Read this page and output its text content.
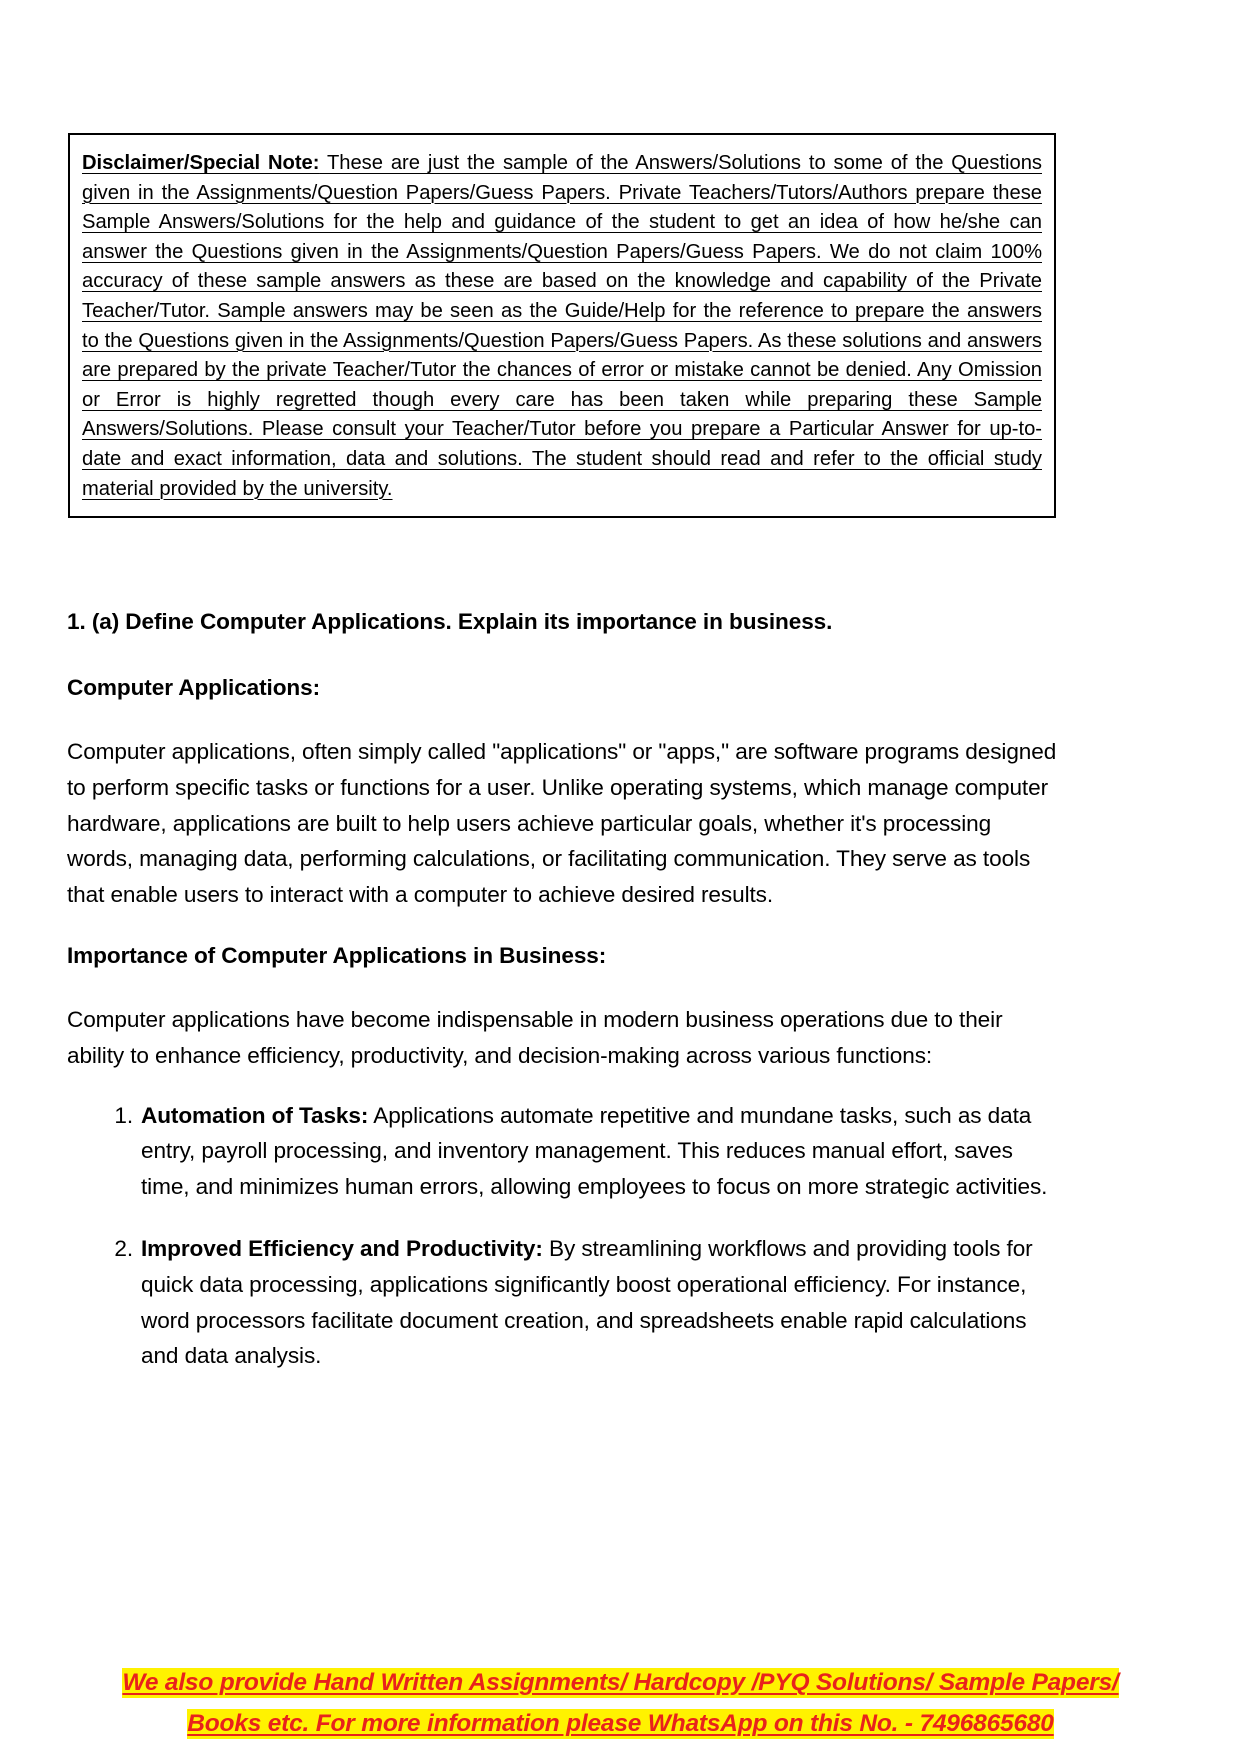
Disclaimer/Special Note: These are just the sample of the Answers/Solutions to some of the Questions given in the Assignments/Question Papers/Guess Papers. Private Teachers/Tutors/Authors prepare these Sample Answers/Solutions for the help and guidance of the student to get an idea of how he/she can answer the Questions given in the Assignments/Question Papers/Guess Papers. We do not claim 100% accuracy of these sample answers as these are based on the knowledge and capability of the Private Teacher/Tutor. Sample answers may be seen as the Guide/Help for the reference to prepare the answers to the Questions given in the Assignments/Question Papers/Guess Papers. As these solutions and answers are prepared by the private Teacher/Tutor the chances of error or mistake cannot be denied. Any Omission or Error is highly regretted though every care has been taken while preparing these Sample Answers/Solutions. Please consult your Teacher/Tutor before you prepare a Particular Answer for up-to-date and exact information, data and solutions. The student should read and refer to the official study material provided by the university.

1. (a) Define Computer Applications. Explain its importance in business.
Computer Applications:

Computer applications, often simply called "applications" or "apps," are software programs designed to perform specific tasks or functions for a user. Unlike operating systems, which manage computer hardware, applications are built to help users achieve particular goals, whether it's processing words, managing data, performing calculations, or facilitating communication. They serve as tools that enable users to interact with a computer to achieve desired results.

Importance of Computer Applications in Business:

Computer applications have become indispensable in modern business operations due to their ability to enhance efficiency, productivity, and decision-making across various functions:

Automation of Tasks: Applications automate repetitive and mundane tasks, such as data entry, payroll processing, and inventory management. This reduces manual effort, saves time, and minimizes human errors, allowing employees to focus on more strategic activities.
Improved Efficiency and Productivity: By streamlining workflows and providing tools for quick data processing, applications significantly boost operational efficiency. For instance, word processors facilitate document creation, and spreadsheets enable rapid calculations and data analysis.
We also provide Hand Written Assignments/ Hardcopy /PYQ Solutions/ Sample Papers/
Books etc. For more information please WhatsApp on this No. - 7496865680
